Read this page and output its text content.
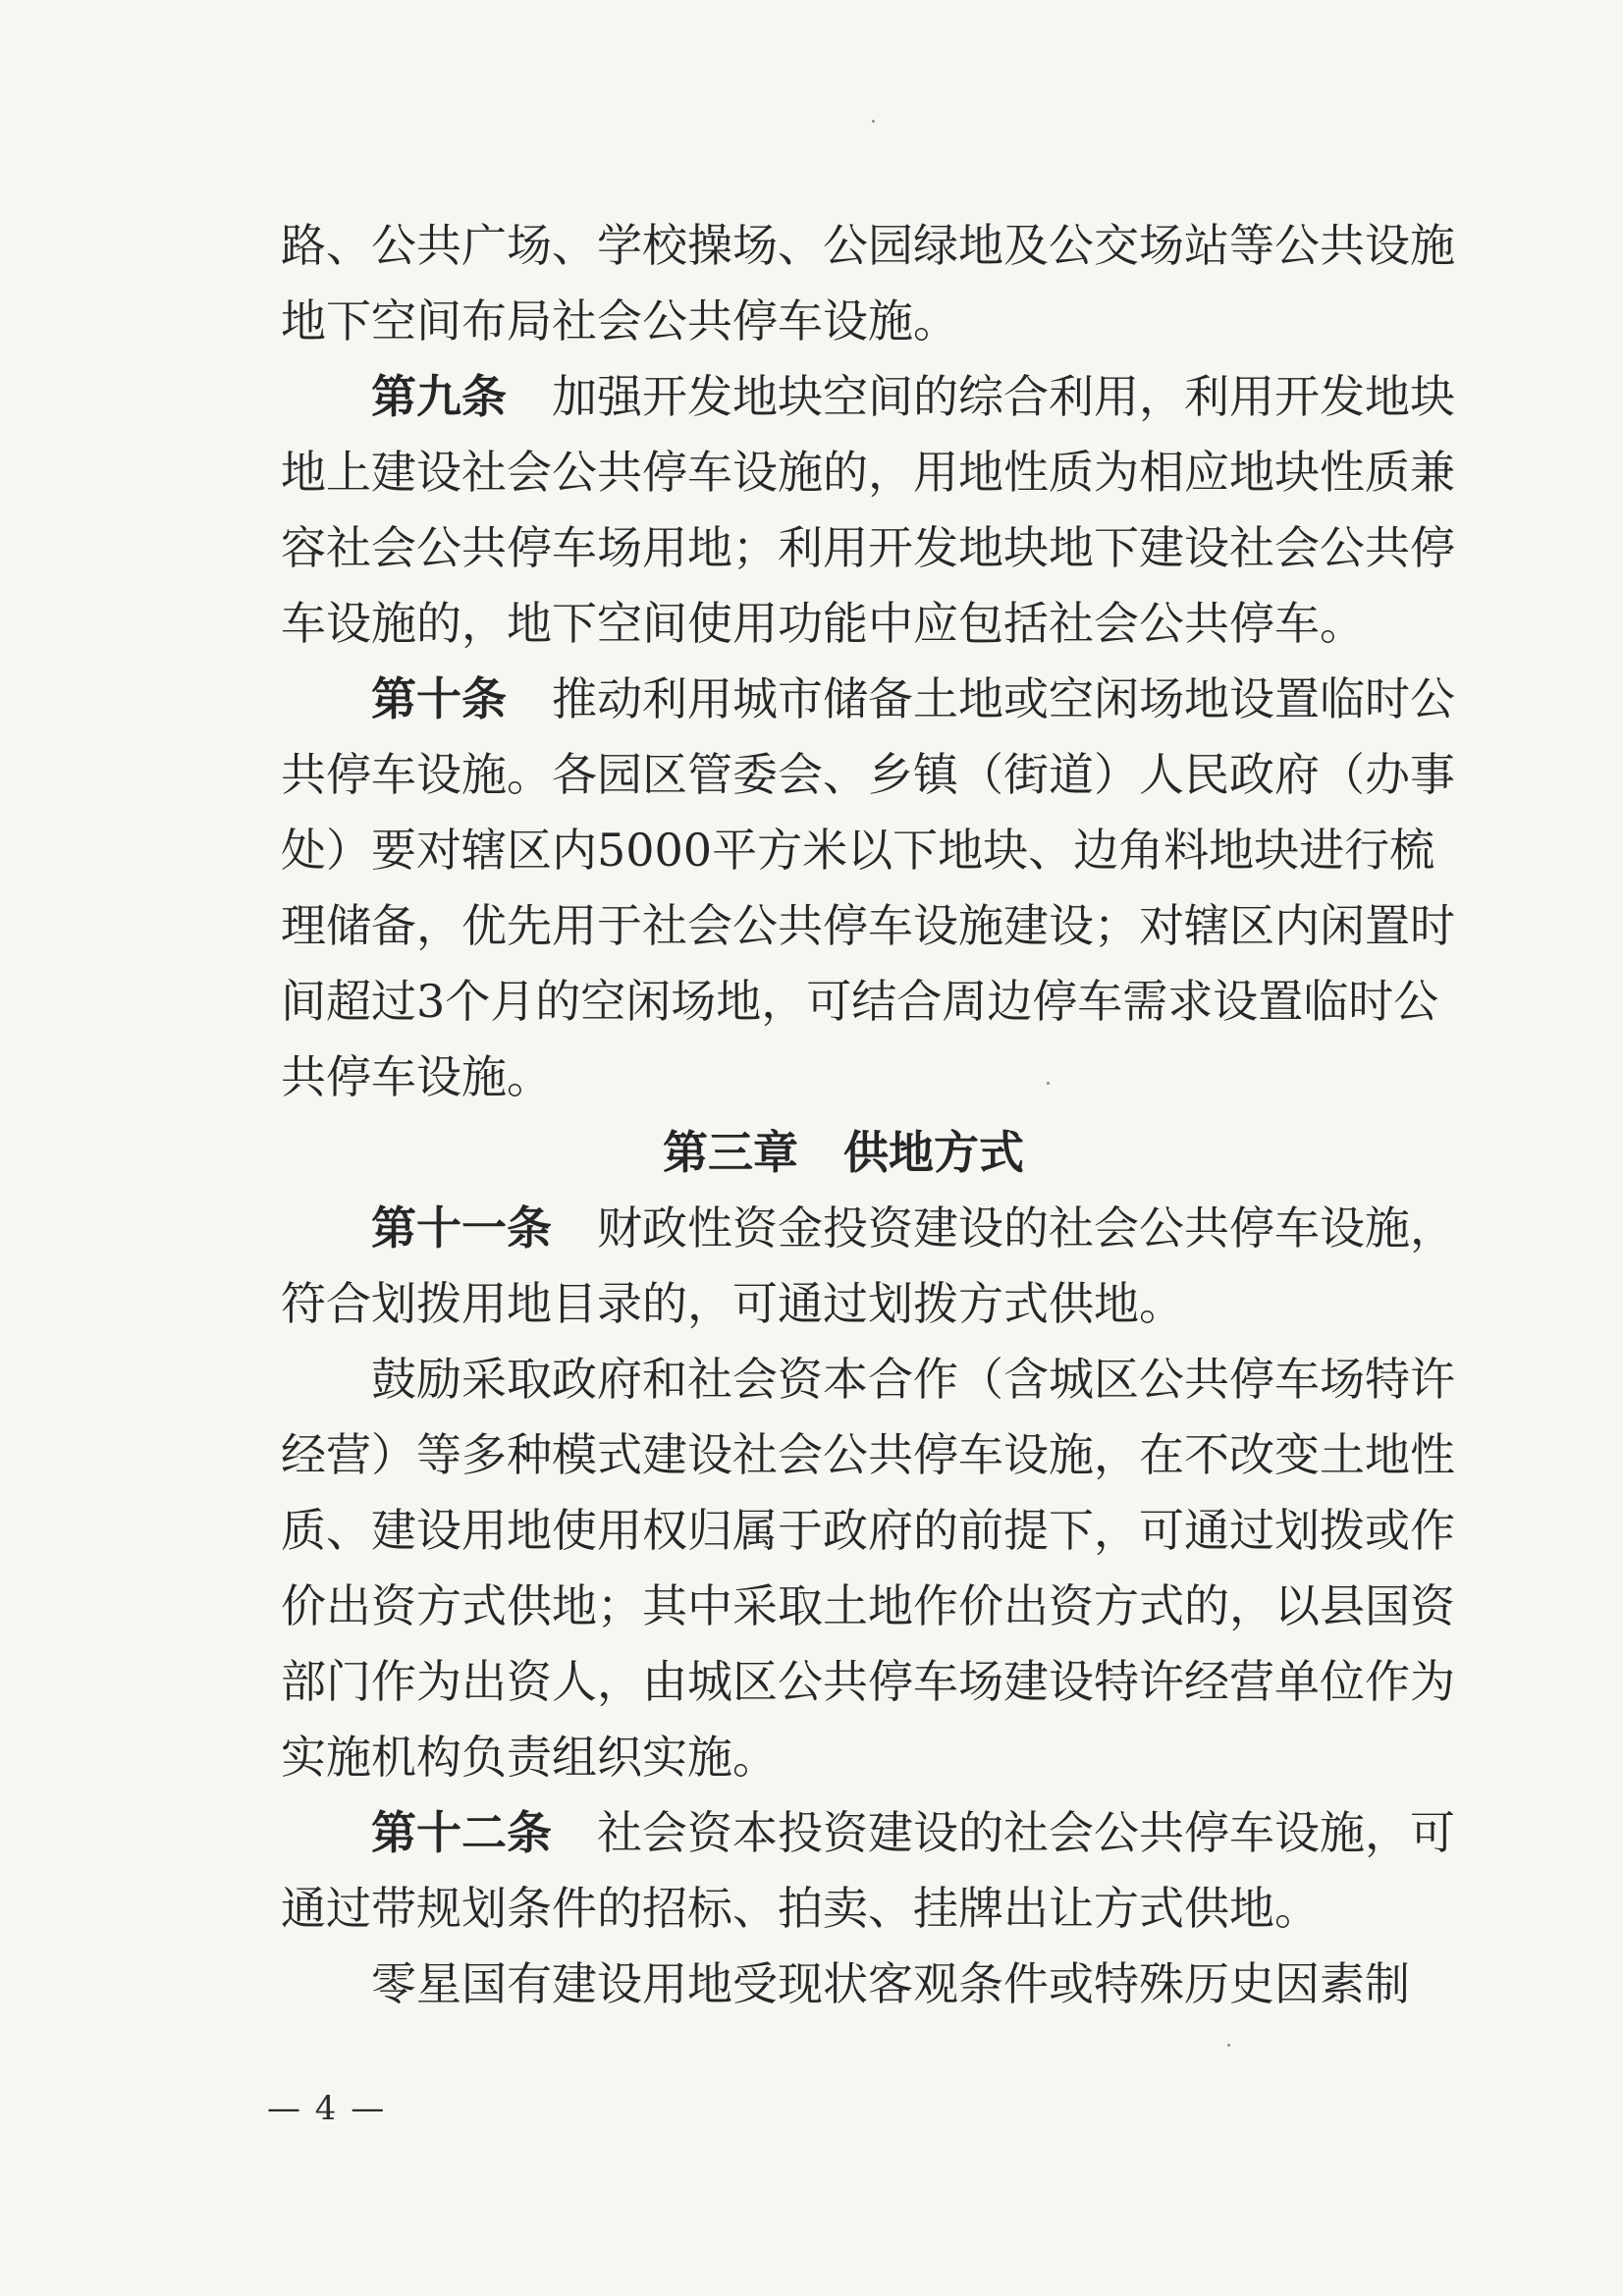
路、公共广场、学校操场、公园绿地及公交场站等公共设施
地下空间布局社会公共停车设施。
第九条 加强开发地块空间的综合利用，利用开发地块
地上建设社会公共停车设施的，用地性质为相应地块性质兼
容社会公共停车场用地；利用开发地块地下建设社会公共停
车设施的，地下空间使用功能中应包括社会公共停车。
第十条 推动利用城市储备土地或空闲场地设置临时公
共停车设施。各园区管委会、乡镇（街道）人民政府（办事
处）要对辖区内5000平方米以下地块、边角料地块进行梳
理储备，优先用于社会公共停车设施建设；对辖区内闲置时
间超过3个月的空闲场地，可结合周边停车需求设置临时公
共停车设施。
第三章 供地方式
第十一条 财政性资金投资建设的社会公共停车设施，
符合划拨用地目录的，可通过划拨方式供地。
鼓励采取政府和社会资本合作（含城区公共停车场特许
经营）等多种模式建设社会公共停车设施，在不改变土地性
质、建设用地使用权归属于政府的前提下，可通过划拨或作
价出资方式供地；其中采取土地作价出资方式的，以县国资
部门作为出资人，由城区公共停车场建设特许经营单位作为
实施机构负责组织实施。
第十二条 社会资本投资建设的社会公共停车设施，可
通过带规划条件的招标、拍卖、挂牌出让方式供地。
零星国有建设用地受现状客观条件或特殊历史因素制
— 4 —
